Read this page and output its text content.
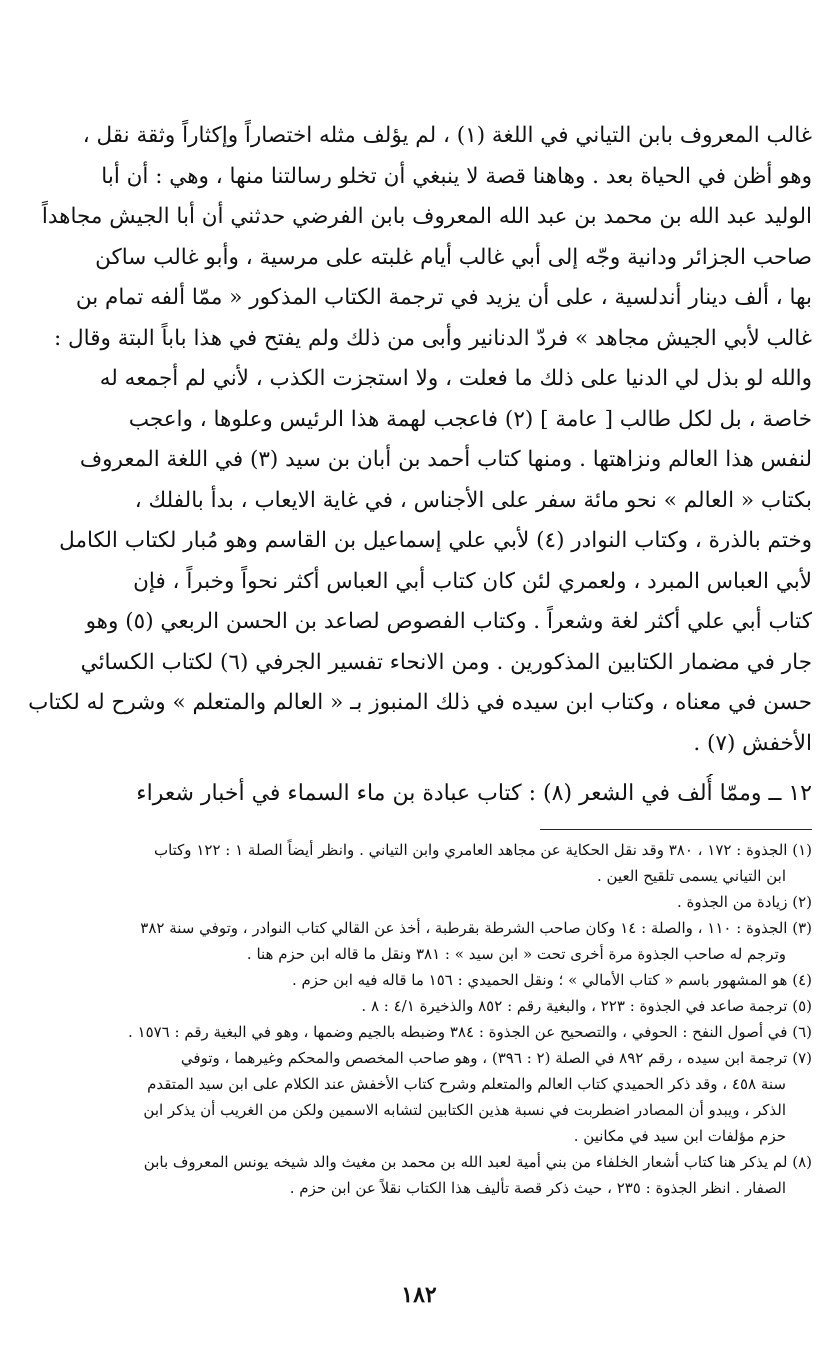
غالب المعروف بابن التياني في اللغة (١) ، لم يؤلف مثله اختصاراً وإكثاراً وثقة نقل ،
وهو أظن في الحياة بعد . وهاهنا قصة لا ينبغي أن تخلو رسالتنا منها ، وهي : أن أبا
الوليد عبد الله بن محمد بن عبد الله المعروف بابن الفرضي حدثني أن أبا الجيش مجاهداً
صاحب الجزائر ودانية وجّه إلى أبي غالب أيام غلبته على مرسية ، وأبو غالب ساكن
بها ، ألف دينار أندلسية ، على أن يزيد في ترجمة الكتاب المذكور « ممّا ألفه تمام بن
غالب لأبي الجيش مجاهد » فردّ الدنانير وأبى من ذلك ولم يفتح في هذا باباً البتة وقال :
والله لو بذل لي الدنيا على ذلك ما فعلت ، ولا استجزت الكذب ، لأني لم أجمعه له
خاصة ، بل لكل طالب [ عامة ] (٢) فاعجب لهمة هذا الرئيس وعلوها ، واعجب
لنفس هذا العالم ونزاهتها . ومنها كتاب أحمد بن أبان بن سيد (٣) في اللغة المعروف
بكتاب « العالم » نحو مائة سفر على الأجناس ، في غاية الايعاب ، بدأ بالفلك ،
وختم بالذرة ، وكتاب النوادر (٤) لأبي علي إسماعيل بن القاسم وهو مُبار لكتاب الكامل
لأبي العباس المبرد ، ولعمري لئن كان كتاب أبي العباس أكثر نحواً وخبراً ، فإن
كتاب أبي علي أكثر لغة وشعراً . وكتاب الفصوص لصاعد بن الحسن الربعي (٥) وهو
جار في مضمار الكتابين المذكورين . ومن الانحاء تفسير الجرفي (٦) لكتاب الكسائي
حسن في معناه ، وكتاب ابن سيده في ذلك المنبوز بـ « العالم والمتعلم » وشرح له لكتاب
الأخفش (٧) .
١٢ ــ وممّا أُلف في الشعر (٨) : كتاب عبادة بن ماء السماء في أخبار شعراء
(١) الجذوة : ١٧٢ ، ٣٨٠ وقد نقل الحكاية عن مجاهد العامري وابن التياني . وانظر أيضاً الصلة ١ : ١٢٢ وكتاب
ابن التياني يسمى تلقيح العين .
(٢) زيادة من الجذوة .
(٣) الجذوة : ١١٠ ، والصلة : ١٤ وكان صاحب الشرطة بقرطبة ، أخذ عن القالي كتاب النوادر ، وتوفي سنة ٣٨٢
وترجم له صاحب الجذوة مرة أخرى تحت « ابن سيد » : ٣٨١ ونقل ما قاله ابن حزم هنا .
(٤) هو المشهور باسم « كتاب الأمالي » ؛ ونقل الحميدي : ١٥٦ ما قاله فيه ابن حزم .
(٥) ترجمة صاعد في الجذوة : ٢٢٣ ، والبغية رقم : ٨٥٢ والذخيرة ٤/١ : ٨ .
(٦) في أصول النفح : الحوفي ، والتصحيح عن الجذوة : ٣٨٤ وضبطه بالجيم وضمها ، وهو في البغية رقم : ١٥٧٦ .
(٧) ترجمة ابن سيده ، رقم ٨٩٢ في الصلة (٢ : ٣٩٦) ، وهو صاحب المخصص والمحكم وغيرهما ، وتوفي
سنة ٤٥٨ ، وقد ذكر الحميدي كتاب العالم والمتعلم وشرح كتاب الأخفش عند الكلام على ابن سيد المتقدم
الذكر ، ويبدو أن المصادر اضطربت في نسبة هذين الكتابين لتشابه الاسمين ولكن من الغريب أن يذكر ابن
حزم مؤلفات ابن سيد في مكانين .
(٨) لم يذكر هنا كتاب أشعار الخلفاء من بني أمية لعبد الله بن محمد بن مغيث والد شيخه يونس المعروف بابن
الصفار . انظر الجذوة : ٢٣٥ ، حيث ذكر قصة تأليف هذا الكتاب نقلاً عن ابن حزم .
١٨٢
